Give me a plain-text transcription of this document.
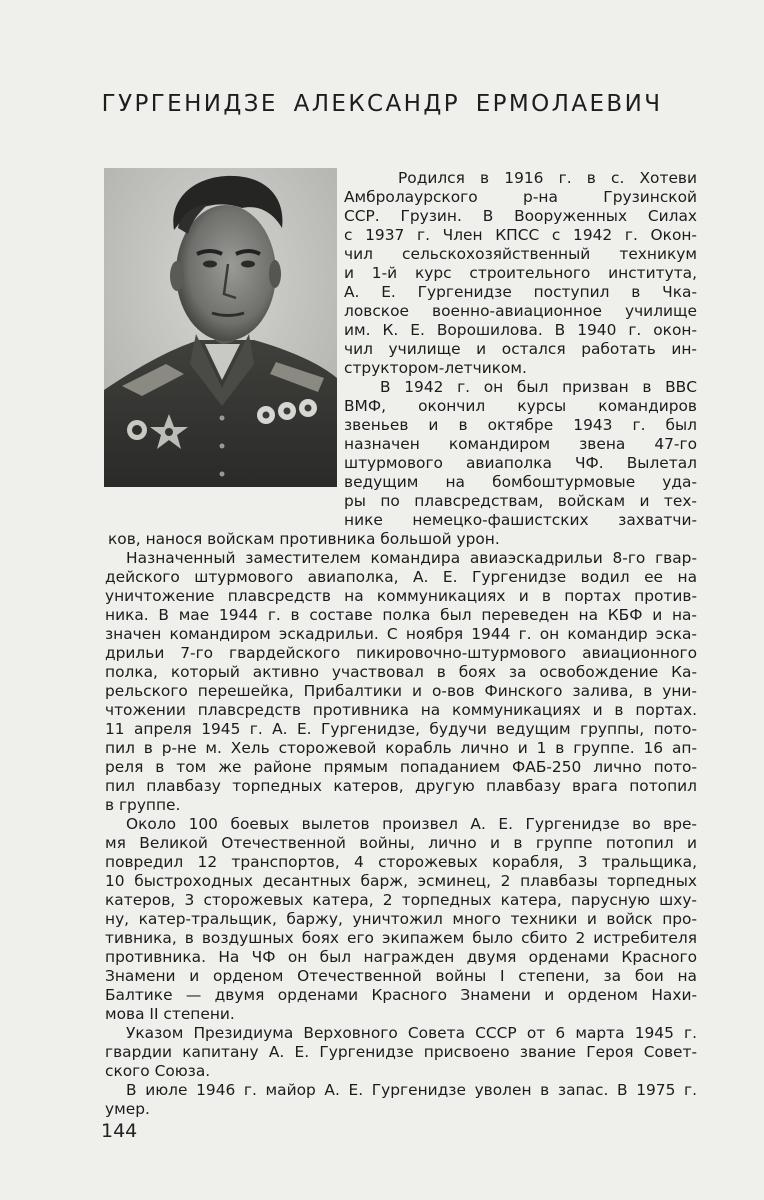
ГУРГЕНИДЗЕ АЛЕКСАНДР ЕРМОЛАЕВИЧ

Родился в 1916 г. в с. Хотеви

Амбролаурского р-на Грузинской

ССР. Грузин. В Вооруженных Силах

с 1937 г. Член КПСС с 1942 г. Окон-

чил сельскохозяйственный техникум

и 1-й курс строительного института,

А. Е. Гургенидзе поступил в Чка-

ловское военно-авиационное училище

им. К. Е. Ворошилова. В 1940 г. окон-

чил училище и остался работать ин-

структором-летчиком.

В 1942 г. он был призван в ВВС

ВМФ, окончил курсы командиров

звеньев и в октябре 1943 г. был

назначен командиром звена 47-го

штурмового авиаполка ЧФ. Вылетал

ведущим на бомбоштурмовые уда-

ры по плавсредствам, войскам и тех-

нике немецко-фашистских захватчи-

ков, нанося войскам противника большой урон.

Назначенный заместителем командира авиаэскадрильи 8-го гвар-

дейского штурмового авиаполка, А. Е. Гургенидзе водил ее на

уничтожение плавсредств на коммуникациях и в портах против-

ника. В мае 1944 г. в составе полка был переведен на КБФ и на-

значен командиром эскадрильи. С ноября 1944 г. он командир эска-

дрильи 7-го гвардейского пикировочно-штурмового авиационного

полка, который активно участвовал в боях за освобождение Ка-

рельского перешейка, Прибалтики и о-вов Финского залива, в уни-

чтожении плавсредств противника на коммуникациях и в портах.

11 апреля 1945 г. А. Е. Гургенидзе, будучи ведущим группы, пото-

пил в р-не м. Хель сторожевой корабль лично и 1 в группе. 16 ап-

реля в том же районе прямым попаданием ФАБ-250 лично пото-

пил плавбазу торпедных катеров, другую плавбазу врага потопил

в группе.

Около 100 боевых вылетов произвел А. Е. Гургенидзе во вре-

мя Великой Отечественной войны, лично и в группе потопил и

повредил 12 транспортов, 4 сторожевых корабля, 3 тральщика,

10 быстроходных десантных барж, эсминец, 2 плавбазы торпедных

катеров, 3 сторожевых катера, 2 торпедных катера, парусную шху-

ну, катер-тральщик, баржу, уничтожил много техники и войск про-

тивника, в воздушных боях его экипажем было сбито 2 истребителя

противника. На ЧФ он был награжден двумя орденами Красного

Знамени и орденом Отечественной войны I степени, за бои на

Балтике — двумя орденами Красного Знамени и орденом Нахи-

мова II степени.

Указом Президиума Верховного Совета СССР от 6 марта 1945 г.

гвардии капитану А. Е. Гургенидзе присвоено звание Героя Совет-

ского Союза.

В июле 1946 г. майор А. Е. Гургенидзе уволен в запас. В 1975 г.

умер.

144
